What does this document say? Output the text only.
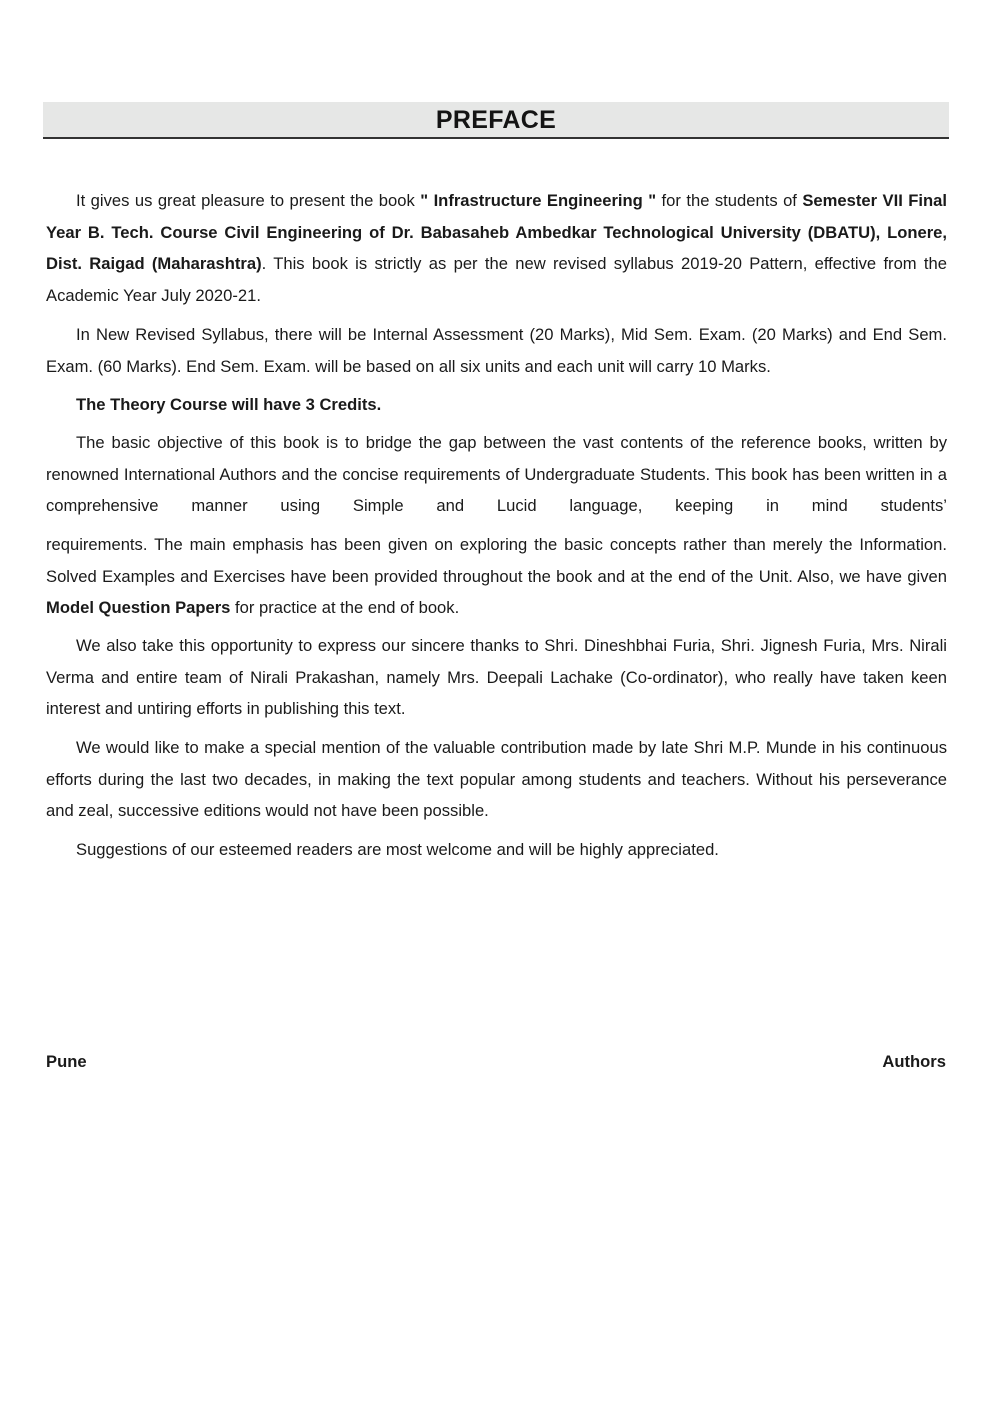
PREFACE

It gives us great pleasure to present the book " Infrastructure Engineering " for the students of Semester VII Final Year B. Tech. Course Civil Engineering of Dr. Babasaheb Ambedkar Technological University (DBATU), Lonere, Dist. Raigad (Maharashtra). This book is strictly as per the new revised syllabus 2019-20 Pattern, effective from the Academic Year July 2020-21.

In New Revised Syllabus, there will be Internal Assessment (20 Marks), Mid Sem. Exam. (20 Marks) and End Sem. Exam. (60 Marks). End Sem. Exam. will be based on all six units and each unit will carry 10 Marks.

The Theory Course will have 3 Credits.

The basic objective of this book is to bridge the gap between the vast contents of the reference books, written by renowned International Authors and the concise requirements of Undergraduate Students. This book has been written in a comprehensive manner using Simple and Lucid language, keeping in mind students’

requirements. The main emphasis has been given on exploring the basic concepts rather than merely the Information. Solved Examples and Exercises have been provided throughout the book and at the end of the Unit. Also, we have given Model Question Papers for practice at the end of book.

We also take this opportunity to express our sincere thanks to Shri. Dineshbhai Furia, Shri. Jignesh Furia, Mrs. Nirali Verma and entire team of Nirali Prakashan, namely Mrs. Deepali Lachake (Co-ordinator), who really have taken keen interest and untiring efforts in publishing this text.

We would like to make a special mention of the valuable contribution made by late Shri M.P. Munde in his continuous efforts during the last two decades, in making the text popular among students and teachers. Without his perseverance and zeal, successive editions would not have been possible.

Suggestions of our esteemed readers are most welcome and will be highly appreciated.

Pune	Authors
